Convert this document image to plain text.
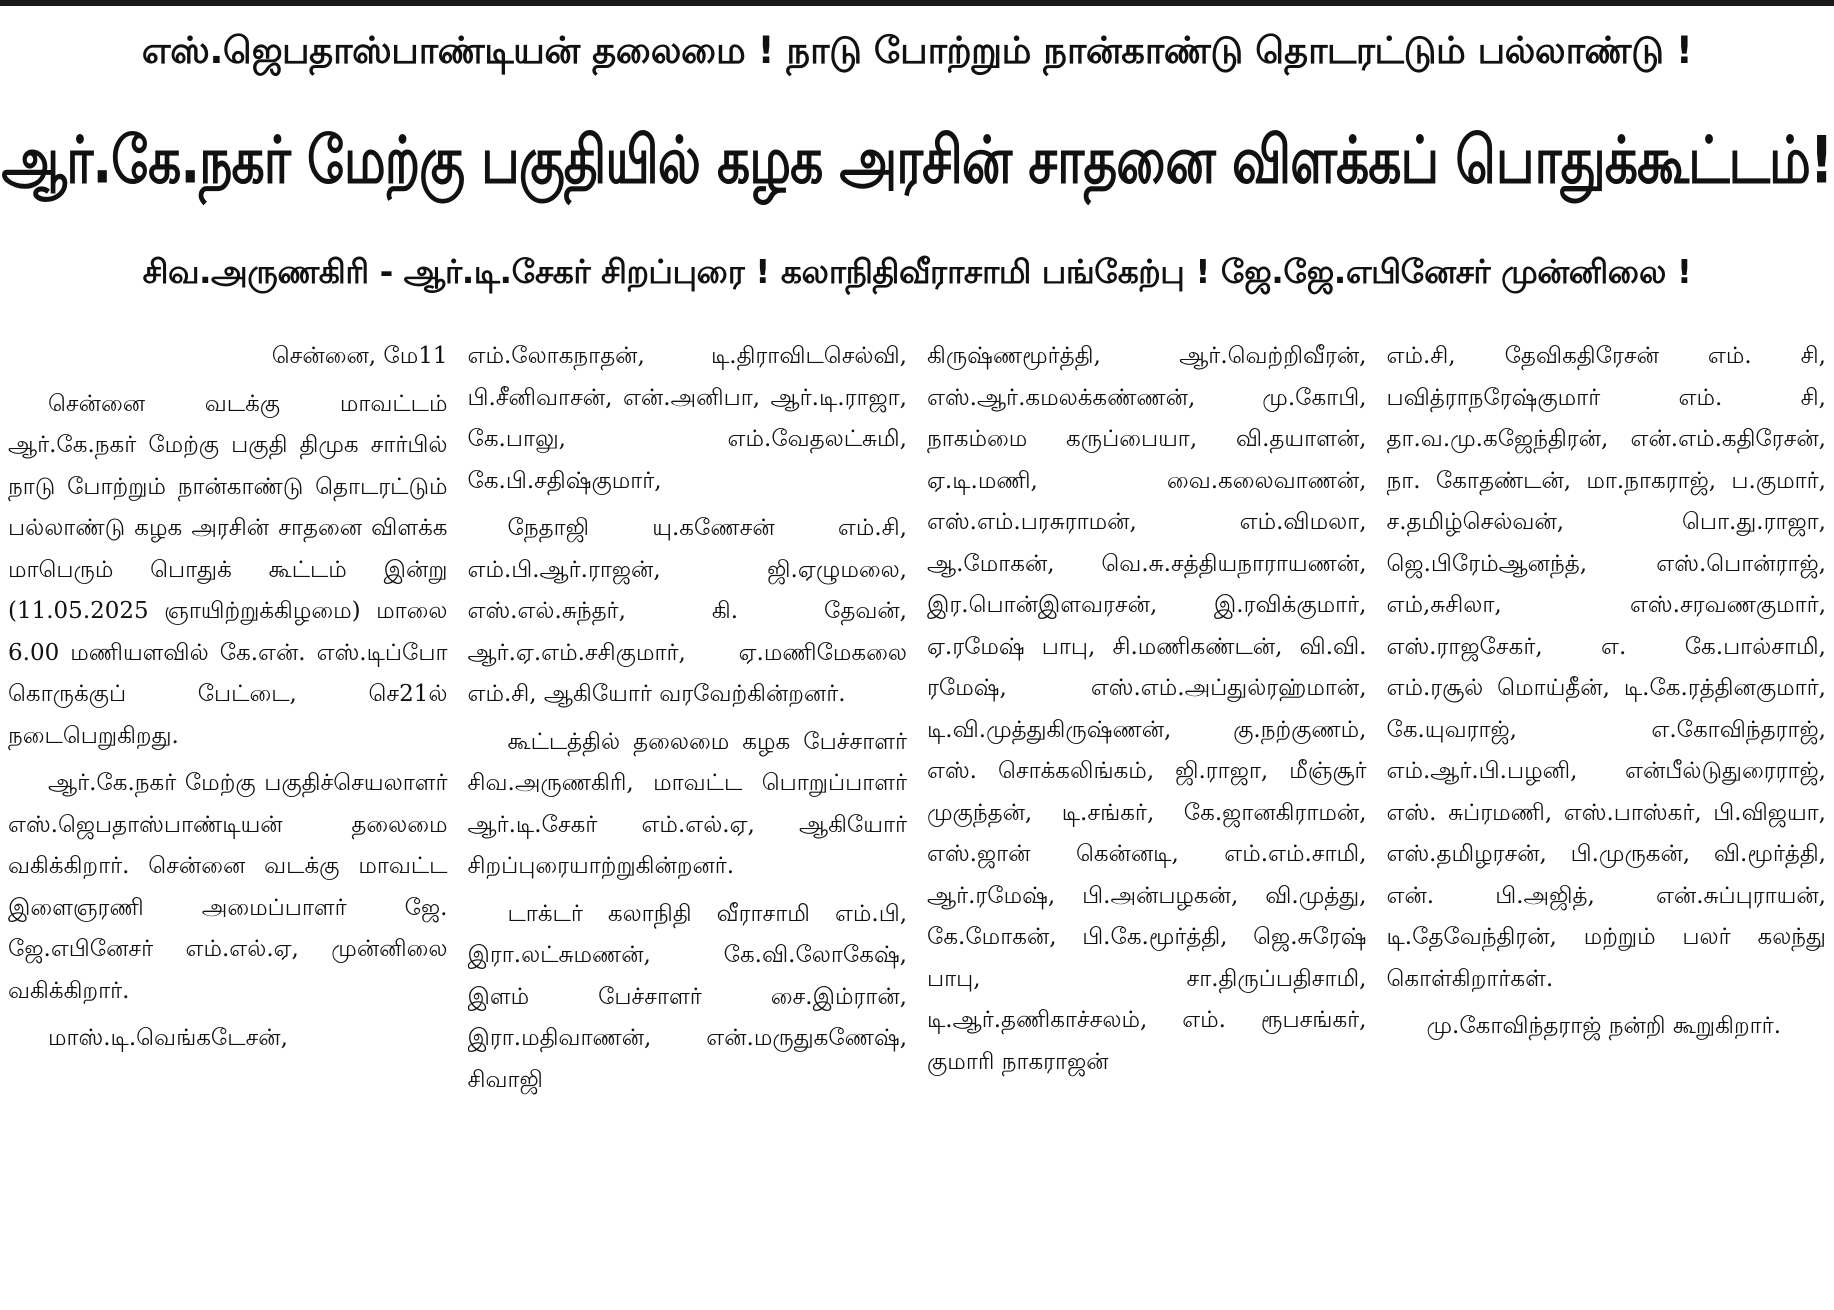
எஸ்.ஜெபதாஸ்பாண்டியன் தலைமை ! நாடு போற்றும் நான்காண்டு தொடரட்டும் பல்லாண்டு !
ஆர்.கே.நகர் மேற்கு பகுதியில் கழக அரசின் சாதனை விளக்கப் பொதுக்கூட்டம்!
சிவ.அருணகிரி - ஆர்.டி.சேகர் சிறப்புரை ! கலாநிதிவீராசாமி பங்கேற்பு ! ஜே.ஜே.எபினேசர் முன்னிலை !

சென்னை, மே11

சென்னை வடக்கு மாவட்டம் ஆர்.கே.நகர் மேற்கு பகுதி திமுக சார்பில் நாடு போற்றும் நான்காண்டு தொடரட்டும் பல்லாண்டு கழக அரசின் சாதனை விளக்க மாபெரும் பொதுக் கூட்டம் இன்று (11.05.2025 ஞாயிற்றுக்கிழமை) மாலை 6.00 மணியளவில் கே.என். எஸ்.டிப்போ கொருக்குப் பேட்டை, செ21ல் நடைபெறுகிறது.

ஆர்.கே.நகர் மேற்கு பகுதிச்செயலாளர் எஸ்.ஜெபதாஸ்பாண்டியன் தலைமை வகிக்கிறார். சென்னை வடக்கு மாவட்ட இளைஞரணி அமைப்பாளர் ஜே. ஜே.எபினேசர் எம்.எல்.ஏ, முன்னிலை வகிக்கிறார்.

மாஸ்.டி.வெங்கடேசன்,

எம்.லோகநாதன், டி.திராவிடசெல்வி, பி.சீனிவாசன், என்.அனிபா, ஆர்.டி.ராஜா, கே.பாலு, எம்.வேதலட்சுமி, கே.பி.சதிஷ்குமார்,

நேதாஜி யு.கணேசன் எம்.சி, எம்.பி.ஆர்.ராஜன், ஜி.ஏழுமலை, எஸ்.எல்.சுந்தர், கி. தேவன், ஆர்.ஏ.எம்.சசிகுமார், ஏ.மணிமேகலை எம்.சி, ஆகியோர் வரவேற்கின்றனர்.

கூட்டத்தில் தலைமை கழக பேச்சாளர் சிவ.அருணகிரி, மாவட்ட பொறுப்பாளர் ஆர்.டி.சேகர் எம்.எல்.ஏ, ஆகியோர் சிறப்புரையாற்றுகின்றனர்.

டாக்டர் கலாநிதி வீராசாமி எம்.பி, இரா.லட்சுமணன், கே.வி.லோகேஷ், இளம் பேச்சாளர் சை.இம்ரான், இரா.மதிவாணன், என்.மருதுகணேஷ், சிவாஜி

கிருஷ்ணமூர்த்தி, ஆர்.வெற்றிவீரன், எஸ்.ஆர்.கமலக்கண்ணன், மு.கோபி, நாகம்மை கருப்பையா, வி.தயாளன், ஏ.டி.மணி, வை.கலைவாணன், எஸ்.எம்.பரசுராமன், எம்.விமலா, ஆ.மோகன், வெ.சு.சத்தியநாராயணன், இர.பொன்இளவரசன், இ.ரவிக்குமார், ஏ.ரமேஷ் பாபு, சி.மணிகண்டன், வி.வி. ரமேஷ், எஸ்.எம்.அப்துல்ரஹ்மான், டி.வி.முத்துகிருஷ்ணன், கு.நற்குணம், எஸ். சொக்கலிங்கம், ஜி.ராஜா, மீஞ்சூர் முகுந்தன், டி.சங்கர், கே.ஜானகிராமன், எஸ்.ஜான் கென்னடி, எம்.எம்.சாமி, ஆர்.ரமேஷ், பி.அன்பழகன், வி.முத்து, கே.மோகன், பி.கே.மூர்த்தி, ஜெ.சுரேஷ் பாபு, சா.திருப்பதிசாமி, டி.ஆர்.தணிகாச்சலம், எம். ரூபசங்கர், குமாரி நாகராஜன்

எம்.சி, தேவிகதிரேசன் எம். சி, பவித்ராநரேஷ்குமார் எம். சி, தா.வ.மு.கஜேந்திரன், என்.எம்.கதிரேசன், நா. கோதண்டன், மா.நாகராஜ், ப.குமார், ச.தமிழ்செல்வன், பொ.து.ராஜா, ஜெ.பிரேம்ஆனந்த், எஸ்.பொன்ராஜ், எம்,சுசிலா, எஸ்.சரவணகுமார், எஸ்.ராஜசேகர், எ. கே.பால்சாமி, எம்.ரசூல் மொய்தீன், டி.கே.ரத்தினகுமார், கே.யுவராஜ், எ.கோவிந்தராஜ், எம்.ஆர்.பி.பழனி, என்பீல்டுதுரைராஜ், எஸ். சுப்ரமணி, எஸ்.பாஸ்கர், பி.விஜயா, எஸ்.தமிழரசன், பி.முருகன், வி.மூர்த்தி, என். பி.அஜித், என்.சுப்புராயன், டி.தேவேந்திரன், மற்றும் பலர் கலந்து கொள்கிறார்கள்.

மு.கோவிந்தராஜ் நன்றி கூறுகிறார்.
